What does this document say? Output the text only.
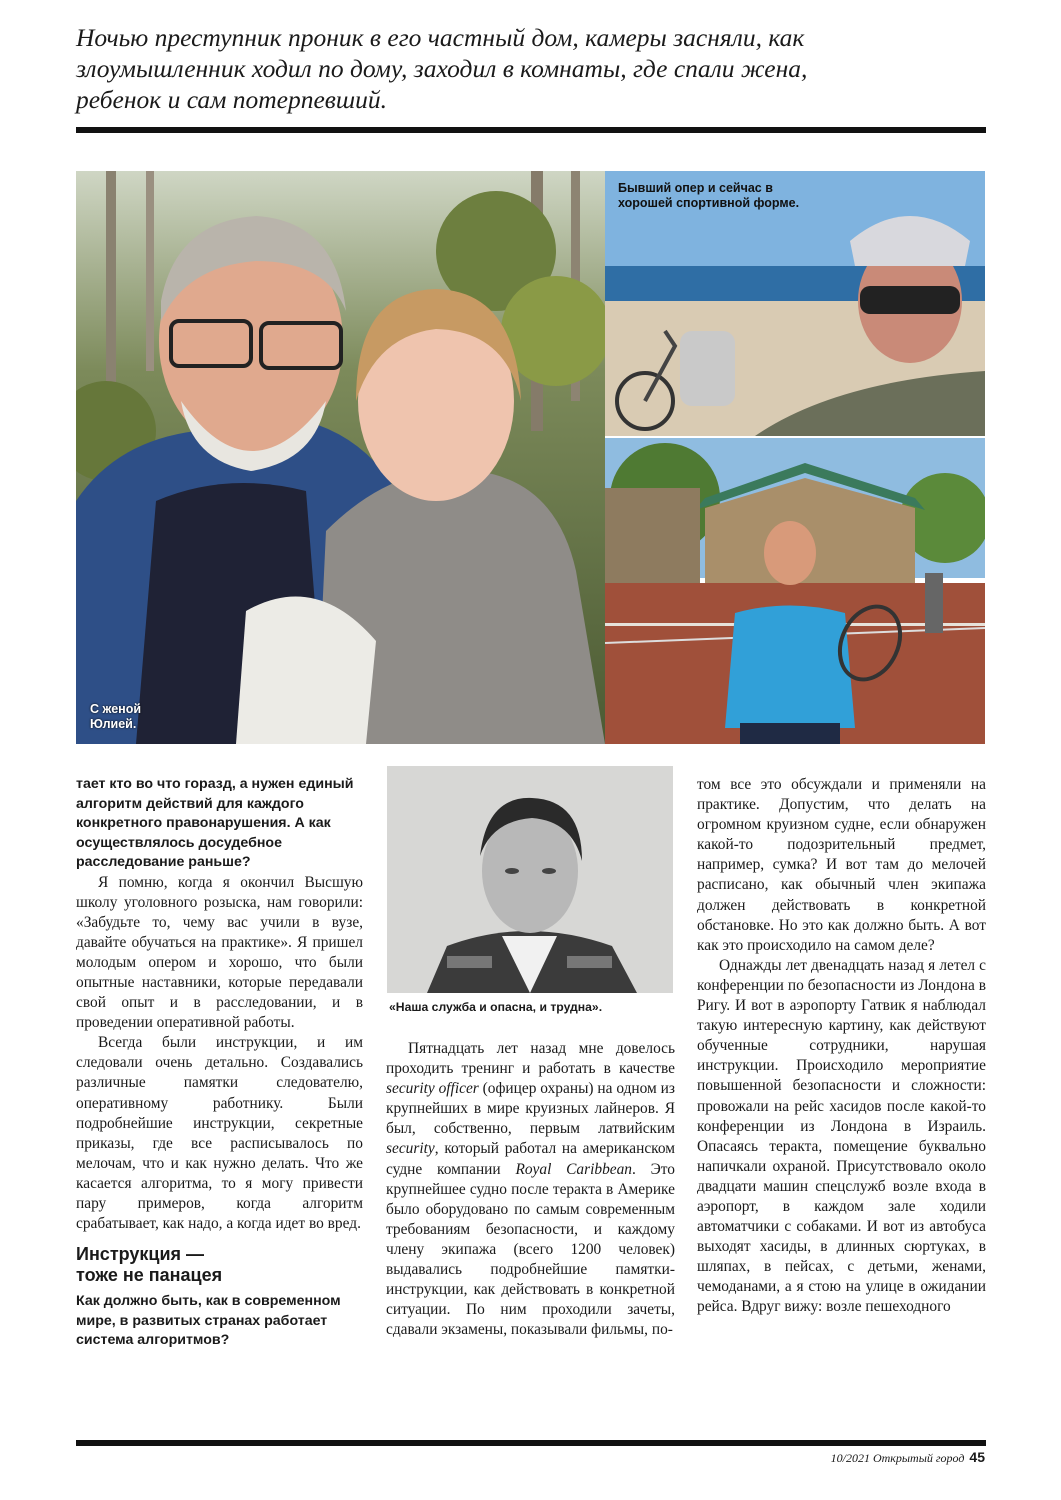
Ночью преступник проник в его частный дом, камеры засняли, как
злоумышленник ходил по дому, заходил в комнаты, где спали жена,
ребенок и сам потерпевший.

С женой
Юлией.

Бывший опер и сейчас в
хорошей спортивной форме.

тает кто во что горазд, а нужен единый алгоритм действий для каждого конкретного правонарушения. А как осуществлялось досудебное расследование раньше?

Я помню, когда я окончил Высшую школу уголовного розыска, нам говорили: «Забудьте то, чему вас учили в вузе, давайте обучаться на практике». Я пришел молодым опером и хорошо, что были опытные наставники, которые передавали свой опыт и в расследовании, и в проведении оперативной работы.

Всегда были инструкции, и им следовали очень детально. Создавались различные памятки следователю, оперативному работнику. Были подробнейшие инструкции, секретные приказы, где все расписывалось по мелочам, что и как нужно делать. Что же касается алгоритма, то я могу привести пару примеров, когда алгоритм срабатывает, как надо, а когда идет во вред.

Инструкция —
тоже не панацея

Как должно быть, как в современном мире, в развитых странах работает система алгоритмов?

«Наша служба и опасна, и трудна».

Пятнадцать лет назад мне довелось проходить тренинг и работать в качестве security officer (офицер охраны) на одном из крупнейших в мире круизных лайнеров. Я был, собственно, первым латвийским security, который работал на американском судне компании Royal Caribbean. Это крупнейшее судно после теракта в Америке было оборудовано по самым современным требованиям безопасности, и каждому члену экипажа (всего 1200 человек) выдавались подробнейшие памятки-инструкции, как действовать в конкретной ситуации. По ним проходили зачеты, сдавали экзамены, показывали фильмы, по-

том все это обсуждали и применяли на практике. Допустим, что делать на огромном круизном судне, если обнаружен какой-то подозрительный предмет, например, сумка? И вот там до мелочей расписано, как обычный член экипажа должен действовать в конкретной обстановке. Но это как должно быть. А вот как это происходило на самом деле?

Однажды лет двенадцать назад я летел с конференции по безопасности из Лондона в Ригу. И вот в аэропорту Гатвик я наблюдал такую интересную картину, как действуют обученные сотрудники, нарушая инструкции. Происходило мероприятие повышенной безопасности и сложности: провожали на рейс хасидов после какой-то конференции из Лондона в Израиль. Опасаясь теракта, помещение буквально напичкали охраной. Присутствовало около двадцати машин спецслужб возле входа в аэропорт, в каждом зале ходили автоматчики с собаками. И вот из автобуса выходят хасиды, в длинных сюртуках, в шляпах, в пейсах, с детьми, женами, чемоданами, а я стою на улице в ожидании рейса. Вдруг вижу: возле пешеходного

10/2021 Открытый город 45
